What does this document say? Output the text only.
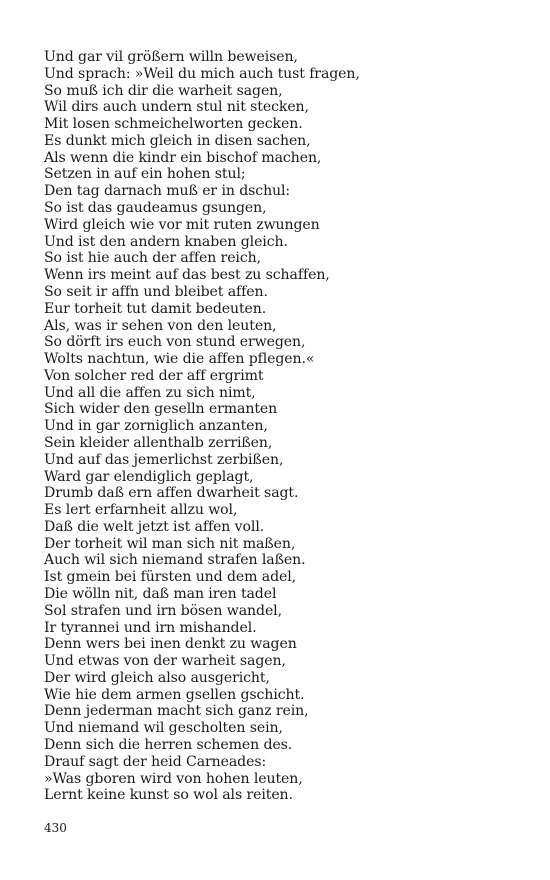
Und gar vil größern willn beweisen,
Und sprach: »Weil du mich auch tust fragen,
So muß ich dir die warheit sagen,
Wil dirs auch undern stul nit stecken,
Mit losen schmeichelworten gecken.
Es dunkt mich gleich in disen sachen,
Als wenn die kindr ein bischof machen,
Setzen in auf ein hohen stul;
Den tag darnach muß er in dschul:
So ist das gaudeamus gsungen,
Wird gleich wie vor mit ruten zwungen
Und ist den andern knaben gleich.
So ist hie auch der affen reich,
Wenn irs meint auf das best zu schaffen,
So seit ir affn und bleibet affen.
Eur torheit tut damit bedeuten.
Als, was ir sehen von den leuten,
So dörft irs euch von stund erwegen,
Wolts nachtun, wie die affen pflegen.«
Von solcher red der aff ergrimt
Und all die affen zu sich nimt,
Sich wider den geselln ermanten
Und in gar zorniglich anzanten,
Sein kleider allenthalb zerrißen,
Und auf das jemerlichst zerbißen,
Ward gar elendiglich geplagt,
Drumb daß ern affen dwarheit sagt.
Es lert erfarnheit allzu wol,
Daß die welt jetzt ist affen voll.
Der torheit wil man sich nit maßen,
Auch wil sich niemand strafen laßen.
Ist gmein bei fürsten und dem adel,
Die wölln nit, daß man iren tadel
Sol strafen und irn bösen wandel,
Ir tyrannei und irn mishandel.
Denn wers bei inen denkt zu wagen
Und etwas von der warheit sagen,
Der wird gleich also ausgericht,
Wie hie dem armen gsellen gschicht.
Denn jederman macht sich ganz rein,
Und niemand wil gescholten sein,
Denn sich die herren schemen des.
Drauf sagt der heid Carneades:
»Was gboren wird von hohen leuten,
Lernt keine kunst so wol als reiten.
430
